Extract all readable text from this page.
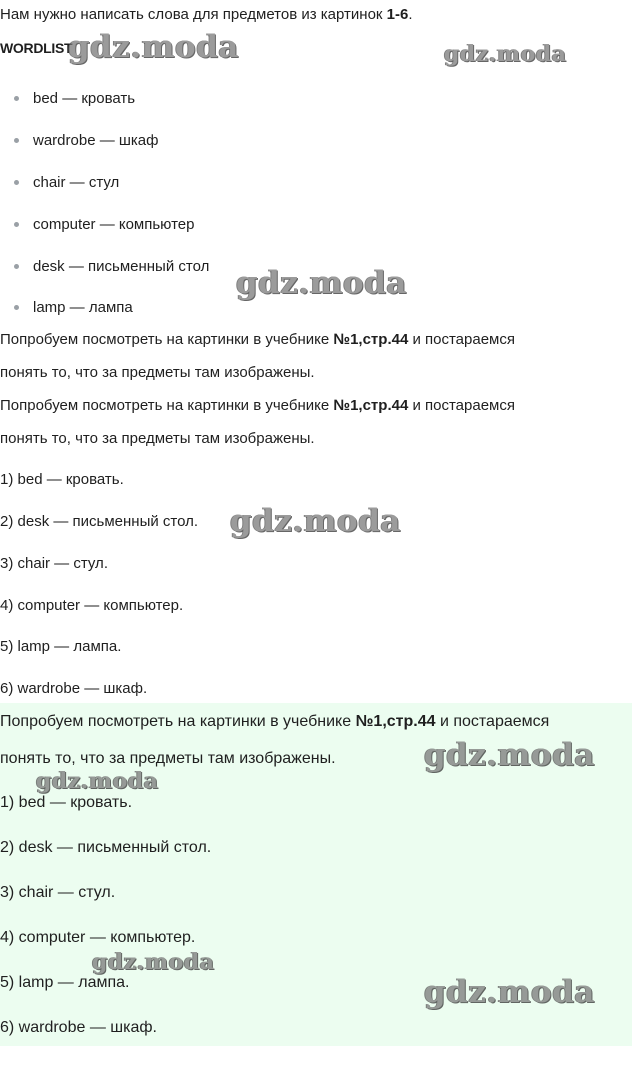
Нам нужно написать слова для предметов из картинок 1-6.

WORDLIST
bed — кровать
wardrobe — шкаф
chair — стул
computer — компьютер
desk — письменный стол
lamp — лампа

Попробуем посмотреть на картинки в учебнике №1,стр.44 и постараемся

понять то, что за предметы там изображены.

Попробуем посмотреть на картинки в учебнике №1,стр.44 и постараемся

понять то, что за предметы там изображены.

1) bed — кровать.

2) desk — письменный стол.

3) chair — стул.

4) computer — компьютер.

5) lamp — лампа.

6) wardrobe — шкаф.

Попробуем посмотреть на картинки в учебнике №1,стр.44 и постараемся

понять то, что за предметы там изображены.

1) bed — кровать.

2) desk — письменный стол.

3) chair — стул.

4) computer — компьютер.

5) lamp — лампа.

6) wardrobe — шкаф.

gdz.moda	gdz.moda
gdz.moda
gdz.moda
gdz.moda
gdz.moda
gdz.moda
gdz.moda
